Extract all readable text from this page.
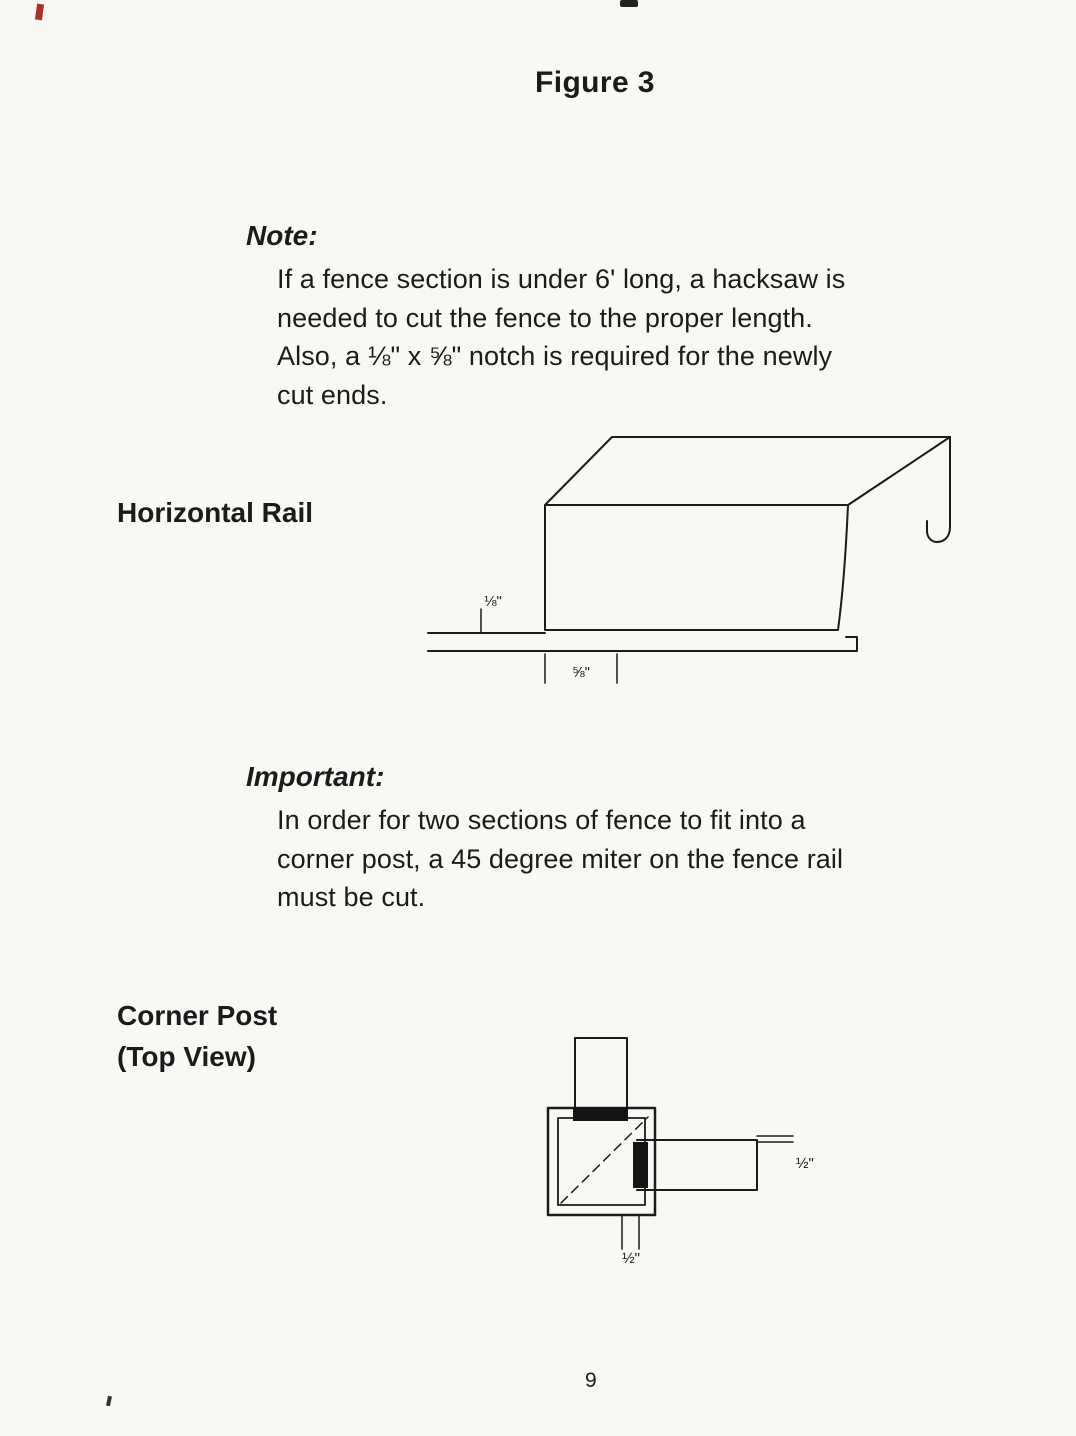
Figure 3
Note:
If a fence section is under 6' long, a hacksaw is
needed to cut the fence to the proper length.
Also, a ⅛" x ⅝" notch is required for the newly
cut ends.
Horizontal Rail
⅛"
⅝"
Important:
In order for two sections of fence to fit into a
corner post, a 45 degree miter on the fence rail
must be cut.
Corner Post
(Top View)
½"
½"
9
